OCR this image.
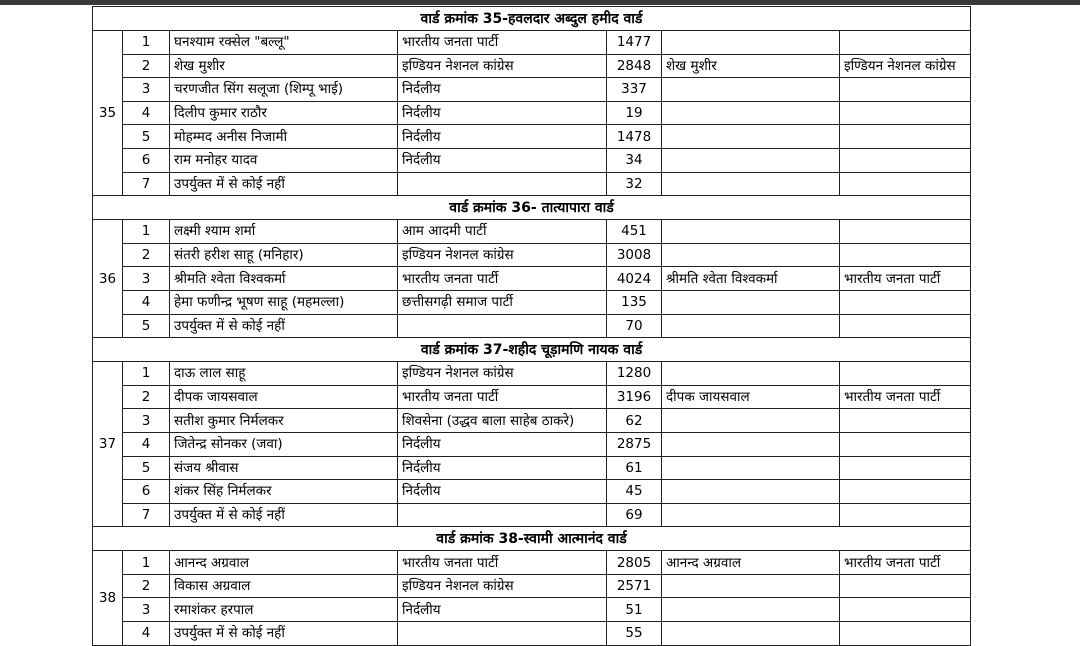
वार्ड क्रमांक 35-हवलदार अब्दुल हमीद वार्ड						
35	1	घनश्याम रक्सेल "बल्लू"	भारतीय जनता पार्टी	1477		
	2	शेख मुशीर	इण्डियन नेशनल कांग्रेस	2848	शेख मुशीर	इण्डियन नेशनल कांग्रेस
	3	चरणजीत सिंग सलूजा (शिम्पू भाई)	निर्दलीय	337		
	4	दिलीप कुमार राठौर	निर्दलीय	19		
	5	मोहम्मद अनीस निजामी	निर्दलीय	1478		
	6	राम मनोहर यादव	निर्दलीय	34		
	7	उपर्युक्त में से कोई नहीं		32		
वार्ड क्रमांक 36- तात्यापारा वार्ड						
36	1	लक्ष्मी श्याम शर्मा	आम आदमी पार्टी	451		
	2	संतरी हरीश साहू (मनिहार)	इण्डियन नेशनल कांग्रेस	3008		
	3	श्रीमति श्वेता विश्वकर्मा	भारतीय जनता पार्टी	4024	श्रीमति श्वेता विश्वकर्मा	भारतीय जनता पार्टी
	4	हेमा फणीन्द्र भूषण साहू (महमल्ला)	छत्तीसगढ़ी समाज पार्टी	135		
	5	उपर्युक्त में से कोई नहीं		70		
वार्ड क्रमांक 37-शहीद चूड़ामणि नायक वार्ड						
37	1	दाऊ लाल साहू	इण्डियन नेशनल कांग्रेस	1280		
	2	दीपक जायसवाल	भारतीय जनता पार्टी	3196	दीपक जायसवाल	भारतीय जनता पार्टी
	3	सतीश कुमार निर्मलकर	शिवसेना (उद्धव बाला साहेब ठाकरे)	62		
	4	जितेन्द्र सोनकर (जवा)	निर्दलीय	2875		
	5	संजय श्रीवास	निर्दलीय	61		
	6	शंकर सिंह निर्मलकर	निर्दलीय	45		
	7	उपर्युक्त में से कोई नहीं		69		
वार्ड क्रमांक 38-स्वामी आत्मानंद वार्ड						
38	1	आनन्द अग्रवाल	भारतीय जनता पार्टी	2805	आनन्द अग्रवाल	भारतीय जनता पार्टी
	2	विकास अग्रवाल	इण्डियन नेशनल कांग्रेस	2571		
	3	रमाशंकर हरपाल	निर्दलीय	51		
	4	उपर्युक्त में से कोई नहीं		55		
